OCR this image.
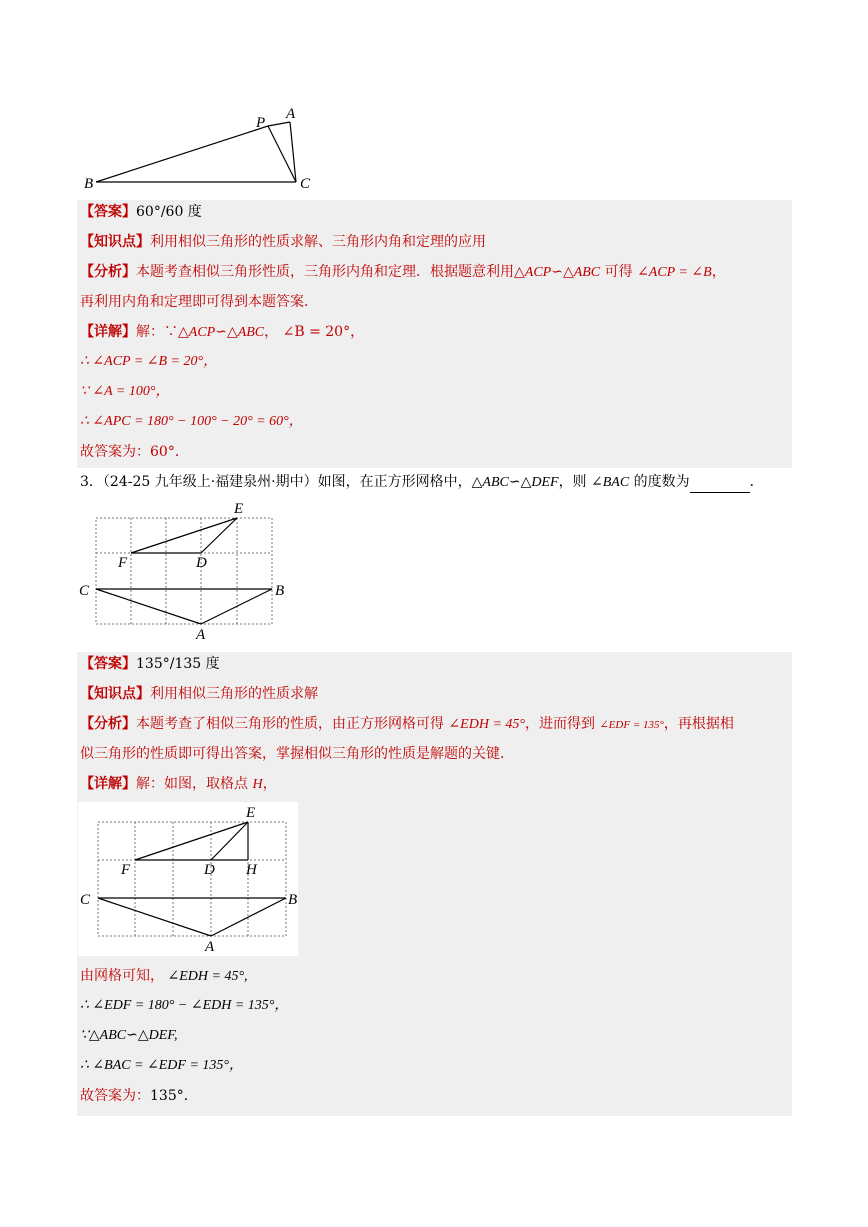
B	C
P
A
【答案】60°/60 度
【知识点】利用相似三角形的性质求解、三角形内角和定理的应用
【分析】本题考查相似三角形性质，三角形内角和定理．根据题意利用△ACP∽△ABC 可得 ∠ACP = ∠B，
再利用内角和定理即可得到本题答案．
【详解】解：∵△ACP∽△ABC， ∠B = 20°，
∴ ∠ACP = ∠B = 20°，
∵ ∠A = 100°，
∴ ∠APC = 180° − 100° − 20° = 60°，
故答案为：60°．
3．（24-25 九年级上·福建泉州·期中）如图，在正方形网格中，△ABC∽△DEF，则 ∠BAC 的度数为	．
E
F	D
C	B
A
【答案】135°/135 度
【知识点】利用相似三角形的性质求解
【分析】本题考查了相似三角形的性质，由正方形网格可得 ∠EDH = 45°，进而得到 ∠EDF = 135°，再根据相
似三角形的性质即可得出答案，掌握相似三角形的性质是解题的关键．
【详解】解：如图，取格点 H，
E
F	D H
C	B
A
由网格可知， ∠EDH = 45°,
∴ ∠EDF = 180° − ∠EDH = 135°，
∵△ABC∽△DEF,
∴ ∠BAC = ∠EDF = 135°，
故答案为：135°．
